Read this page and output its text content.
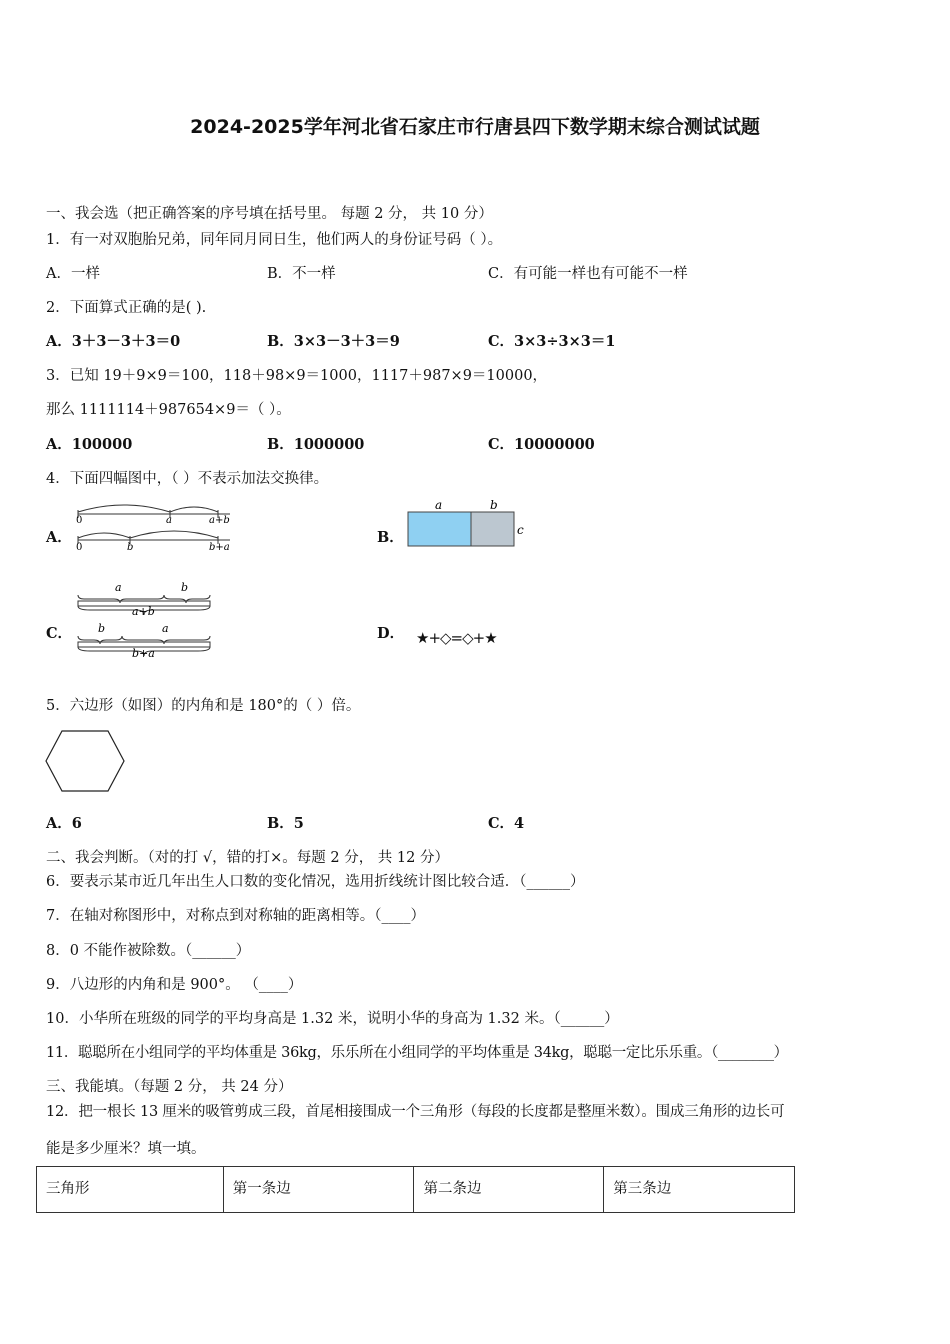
2024-2025学年河北省石家庄市行唐县四下数学期末综合测试试题
一、我会选（把正确答案的序号填在括号里。 每题 2 分， 共 10 分）
1．有一对双胞胎兄弟，同年同月同日生，他们两人的身份证号码（ ）。
A．一样	B．不一样	C．有可能一样也有可能不一样
2．下面算式正确的是( ).
A．3＋3－3＋3＝0	B．3×3－3＋3＝9	C．3×3÷3×3＝1
3．已知 19＋9×9＝100，118＋98×9＝1000，1117＋987×9＝10000，
那么 1111114＋987654×9＝（ ）。
A．100000	B．1000000	C．10000000
4．下面四幅图中，（ ）不表示加法交换律。
A．
0	a	a+b
0	b	b+a
B．
a	b
c
C．
a	b
a+b
b	a
b+a
D． ★+◇=◇+★
5．六边形（如图）的内角和是 180°的（ ）倍。
A．6	B．5	C．4
二、我会判断。（对的打 √，错的打×。每题 2 分， 共 12 分）
6．要表示某市近几年出生人口数的变化情况，选用折线统计图比较合适．（______）
7．在轴对称图形中，对称点到对称轴的距离相等。（____）
8．0 不能作被除数。（______）
9．八边形的内角和是 900°。 （____）
10．小华所在班级的同学的平均身高是 1.32 米，说明小华的身高为 1.32 米。（______）
11．聪聪所在小组同学的平均体重是 36kg，乐乐所在小组同学的平均体重是 34kg，聪聪一定比乐乐重。（________）
三、我能填。（每题 2 分， 共 24 分）
12．把一根长 13 厘米的吸管剪成三段，首尾相接围成一个三角形（每段的长度都是整厘米数）。围成三角形的边长可
能是多少厘米？填一填。
三角形	第一条边	第二条边	第三条边
